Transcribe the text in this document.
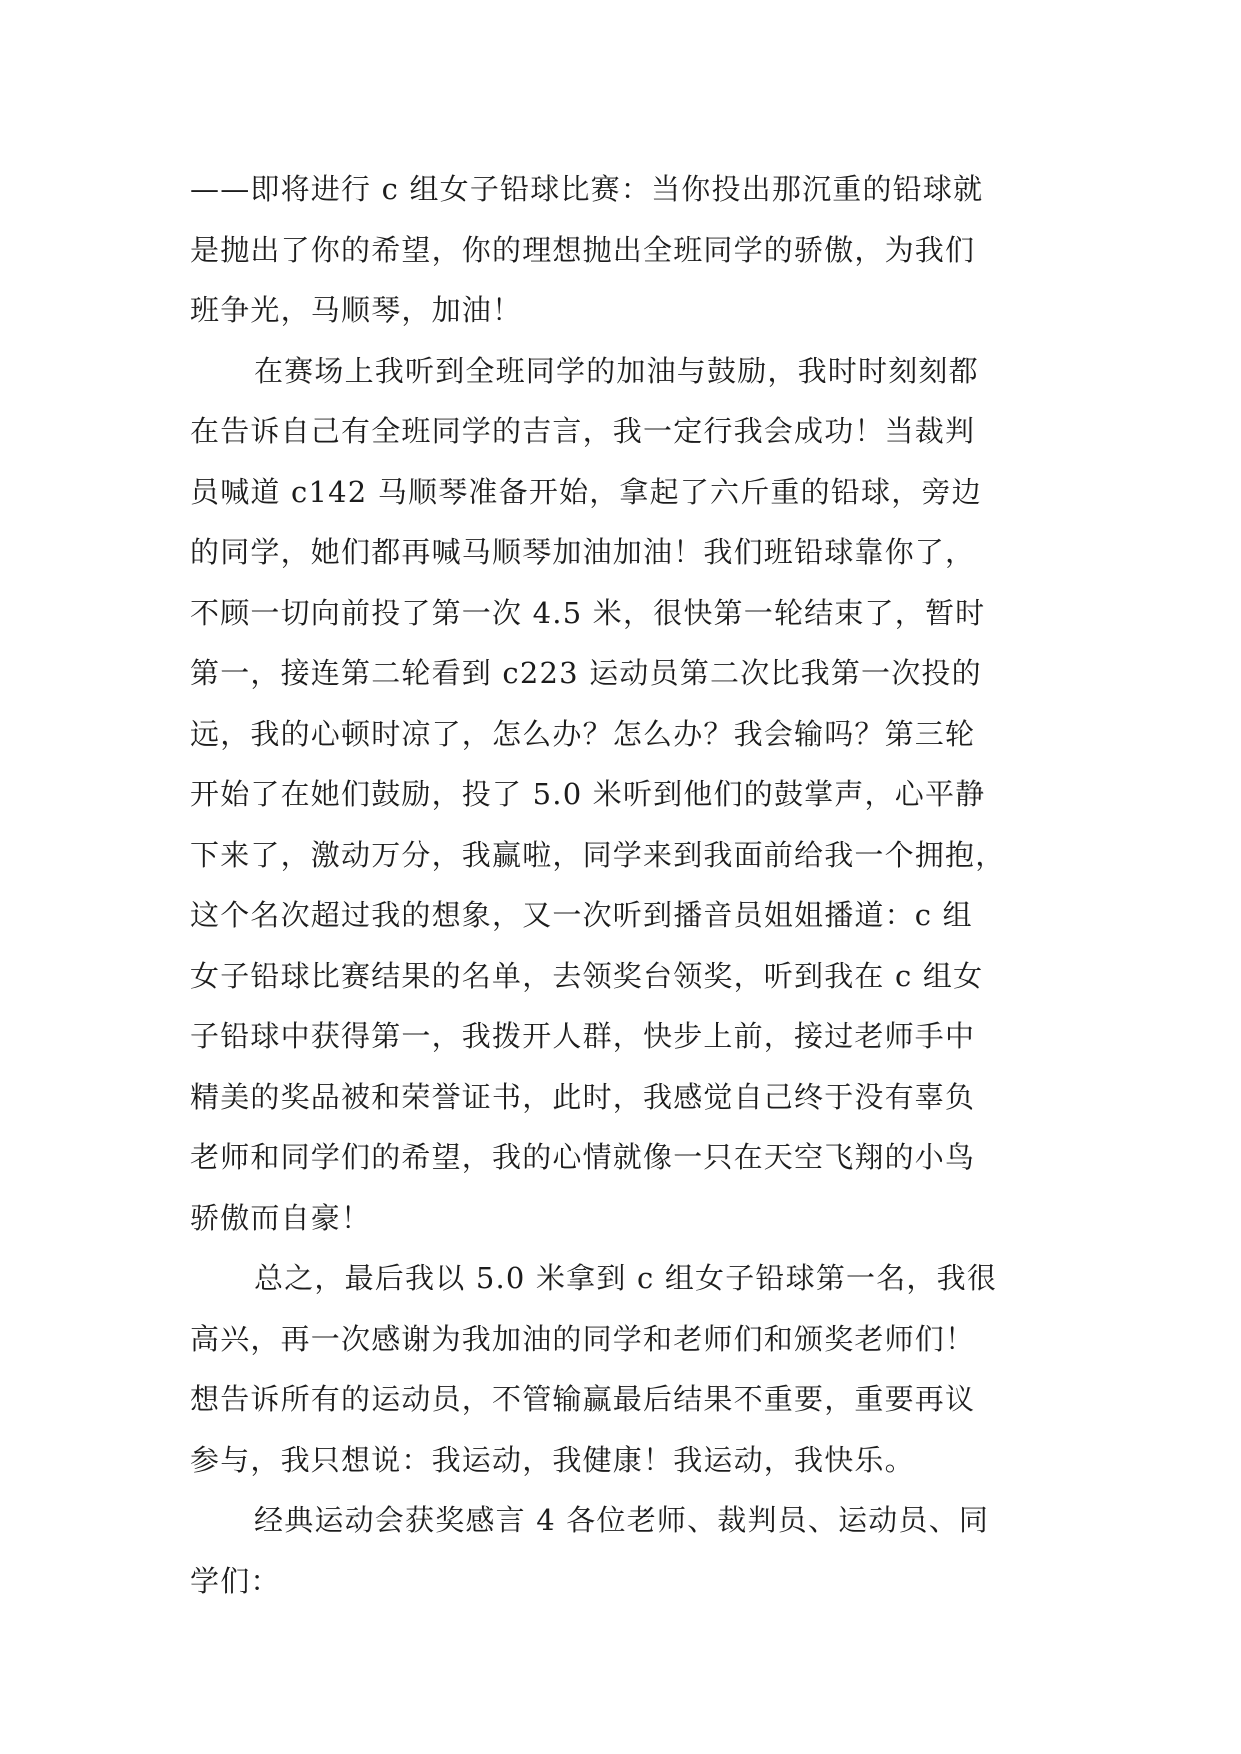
——即将进行 c 组女子铅球比赛：当你投出那沉重的铅球就
是抛出了你的希望，你的理想抛出全班同学的骄傲，为我们
班争光，马顺琴，加油！
在赛场上我听到全班同学的加油与鼓励，我时时刻刻都
在告诉自己有全班同学的吉言，我一定行我会成功！当裁判
员喊道 c142 马顺琴准备开始，拿起了六斤重的铅球，旁边
的同学，她们都再喊马顺琴加油加油！我们班铅球靠你了，
不顾一切向前投了第一次 4.5 米，很快第一轮结束了，暂时
第一，接连第二轮看到 c223 运动员第二次比我第一次投的
远，我的心顿时凉了，怎么办？怎么办？我会输吗？第三轮
开始了在她们鼓励，投了 5.0 米听到他们的鼓掌声，心平静
下来了，激动万分，我赢啦，同学来到我面前给我一个拥抱，
这个名次超过我的想象，又一次听到播音员姐姐播道：c 组
女子铅球比赛结果的名单，去领奖台领奖，听到我在 c 组女
子铅球中获得第一，我拨开人群，快步上前，接过老师手中
精美的奖品被和荣誉证书，此时，我感觉自己终于没有辜负
老师和同学们的希望，我的心情就像一只在天空飞翔的小鸟
骄傲而自豪！
总之，最后我以 5.0 米拿到 c 组女子铅球第一名，我很
高兴，再一次感谢为我加油的同学和老师们和颁奖老师们！
想告诉所有的运动员，不管输赢最后结果不重要，重要再议
参与，我只想说：我运动，我健康！我运动，我快乐。
经典运动会获奖感言 4 各位老师、裁判员、运动员、同
学们：
